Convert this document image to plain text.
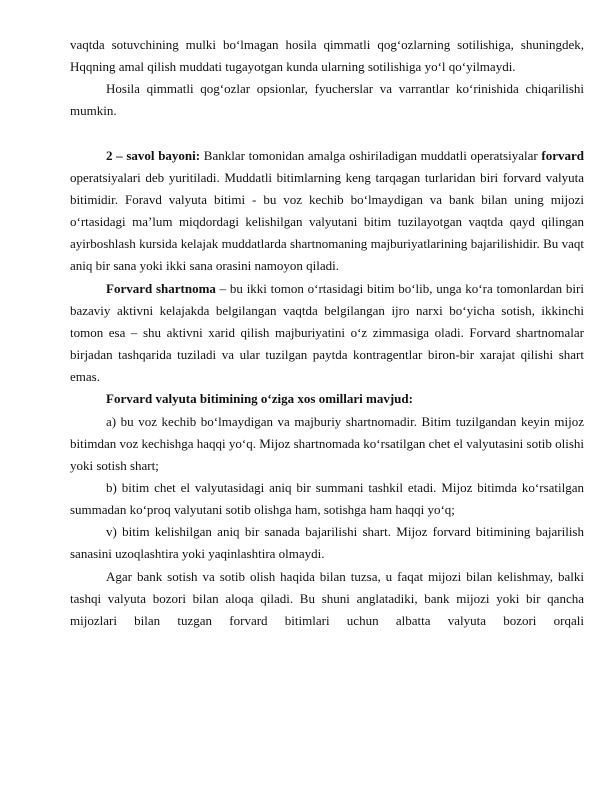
vaqtda sotuvchining mulki bo‘lmagan hosila qimmatli qog‘ozlarning sotilishiga, shuningdek, Hqqning amal qilish muddati tugayotgan kunda ularning sotilishiga yo‘l qo‘yilmaydi.

Hosila qimmatli qog‘ozlar opsionlar, fyucherslar va varrantlar ko‘rinishida chiqarilishi mumkin.

2 – savol bayoni: Banklar tomonidan amalga oshiriladigan muddatli operatsiyalar forvard operatsiyalari deb yuritiladi. Muddatli bitimlarning keng tarqagan turlaridan biri forvard valyuta bitimidir. Foravd valyuta bitimi - bu voz kechib bo‘lmaydigan va bank bilan uning mijozi o‘rtasidagi ma’lum miqdordagi kelishilgan valyutani bitim tuzilayotgan vaqtda qayd qilingan ayirboshlash kursida kelajak muddatlarda shartnomaning majburiyatlarining bajarilishidir. Bu vaqt aniq bir sana yoki ikki sana orasini namoyon qiladi.

Forvard shartnoma – bu ikki tomon o‘rtasidagi bitim bo‘lib, unga ko‘ra tomonlardan biri bazaviy aktivni kelajakda belgilangan vaqtda belgilangan ijro narxi bo‘yicha sotish, ikkinchi tomon esa – shu aktivni xarid qilish majburiyatini o‘z zimmasiga oladi. Forvard shartnomalar birjadan tashqarida tuziladi va ular tuzilgan paytda kontragentlar biron-bir xarajat qilishi shart emas.

Forvard valyuta bitimining o‘ziga xos omillari mavjud:

a) bu voz kechib bo‘lmaydigan va majburiy shartnomadir. Bitim tuzilgandan keyin mijoz bitimdan voz kechishga haqqi yo‘q. Mijoz shartnomada ko‘rsatilgan chet el valyutasini sotib olishi yoki sotish shart;

b) bitim chet el valyutasidagi aniq bir summani tashkil etadi. Mijoz bitimda ko‘rsatilgan summadan ko‘proq valyutani sotib olishga ham, sotishga ham haqqi yo‘q;

v) bitim kelishilgan aniq bir sanada bajarilishi shart. Mijoz forvard bitimining bajarilish sanasini uzoqlashtira yoki yaqinlashtira olmaydi.

Agar bank sotish va sotib olish haqida bilan tuzsa, u faqat mijozi bilan kelishmay, balki tashqi valyuta bozori bilan aloqa qiladi. Bu shuni anglatadiki, bank mijozi yoki bir qancha mijozlari bilan tuzgan forvard bitimlari uchun albatta valyuta bozori orqali
